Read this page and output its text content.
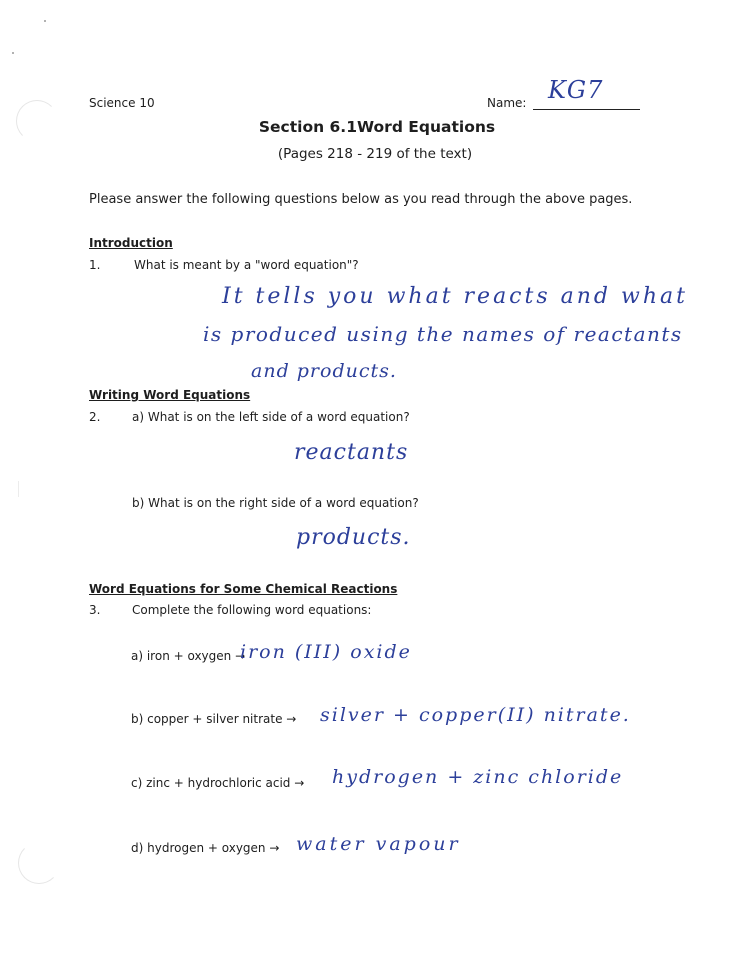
Science 10	Name: KG7
Section 6.1Word Equations
(Pages 218 - 219 of the text)
Please answer the following questions below as you read through the above pages.
Introduction
1.	What is meant by a "word equation"?
It tells you what reacts and what
is produced using the names of reactants
and products.
Writing Word Equations
2.	a) What is on the left side of a word equation?
reactants
b) What is on the right side of a word equation?
products.
Word Equations for Some Chemical Reactions
3.	Complete the following word equations:
a) iron + oxygen →
iron (III) oxide
b) copper + silver nitrate → silver + copper(II) nitrate.
c) zinc + hydrochloric acid → hydrogen + zinc chloride
d) hydrogen + oxygen → water vapour
